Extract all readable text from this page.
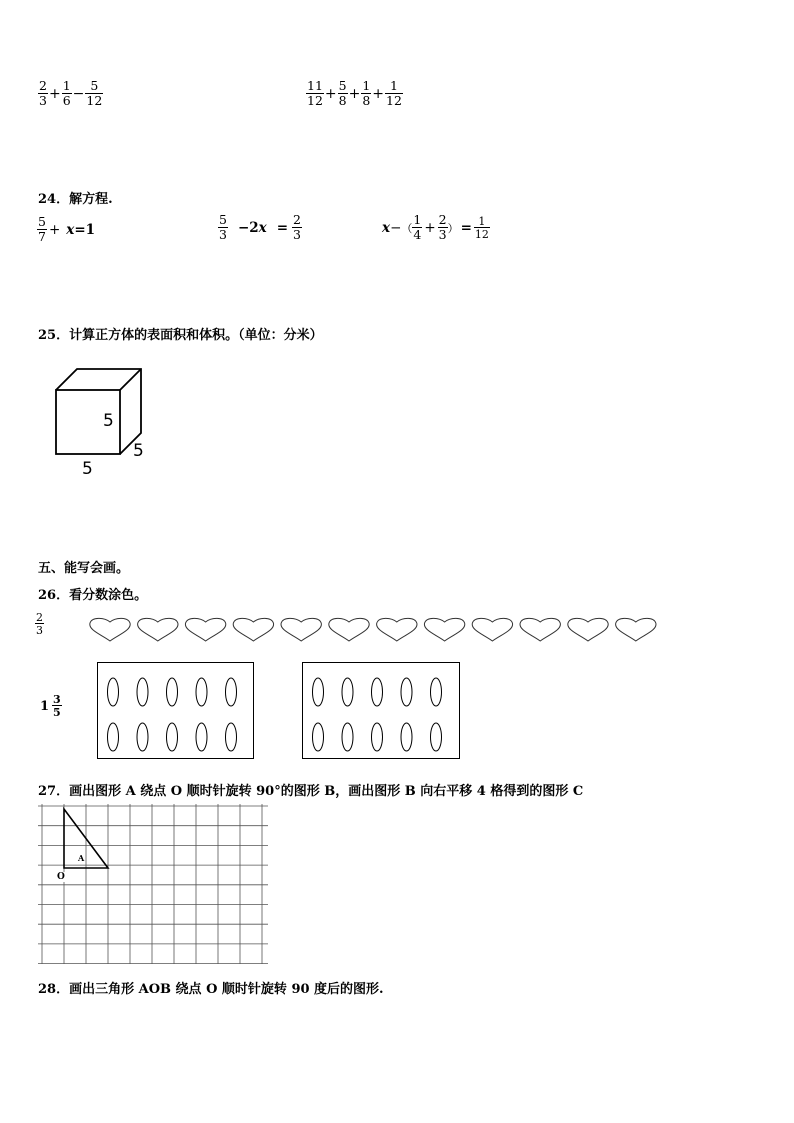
$\frac{2}{3} + \frac{1}{6} - \frac{5}{12}$	$\frac{11}{12} + \frac{5}{8} + \frac{1}{8} + \frac{1}{12}$
24．解方程.
$\frac{5}{7} + x =1$	$\frac{5}{3} -2$ $x = \frac{2}{3}$	x − （ $\frac{1}{4} + \frac{2}{3}$ ） = $\frac{1}{12}$
25．计算正方体的表面积和体积。（单位：分米）
5
5
5
五、能写会画。
26．看分数涂色。
$\frac{2}{3}$
$1 \frac{3}{5}$
27．画出图形 A 绕点 O 顺时针旋转 90°的图形 B，画出图形 B 向右平移 4 格得到的图形 C
A
O
28．画出三角形 AOB 绕点 O 顺时针旋转 90 度后的图形.
